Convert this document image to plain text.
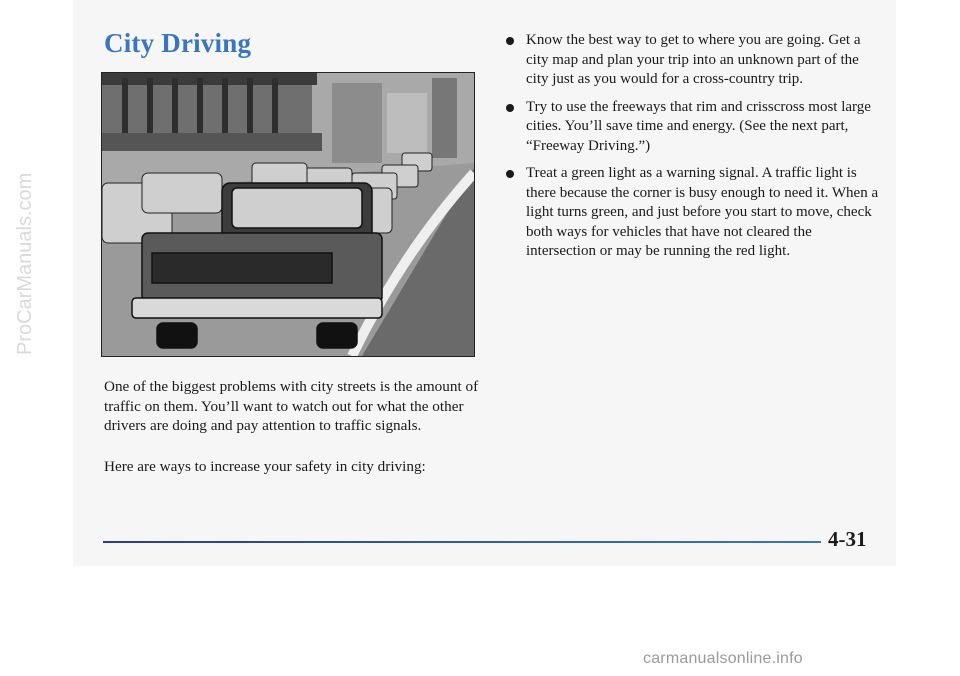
City Driving

One of the biggest problems with city streets is the amount of traffic on them. You’ll want to watch out for what the other drivers are doing and pay attention to traffic signals.

Here are ways to increase your safety in city driving:

Know the best way to get to where you are going. Get a city map and plan your trip into an unknown part of the city just as you would for a cross-country trip.
Try to use the freeways that rim and crisscross most large cities. You’ll save time and energy. (See the next part, “Freeway Driving.”)
Treat a green light as a warning signal. A traffic light is there because the corner is busy enough to need it. When a light turns green, and just before you start to move, check both ways for vehicles that have not cleared the intersection or may be running the red light.
4-31
ProCarManuals.com
carmanualsonline.info
